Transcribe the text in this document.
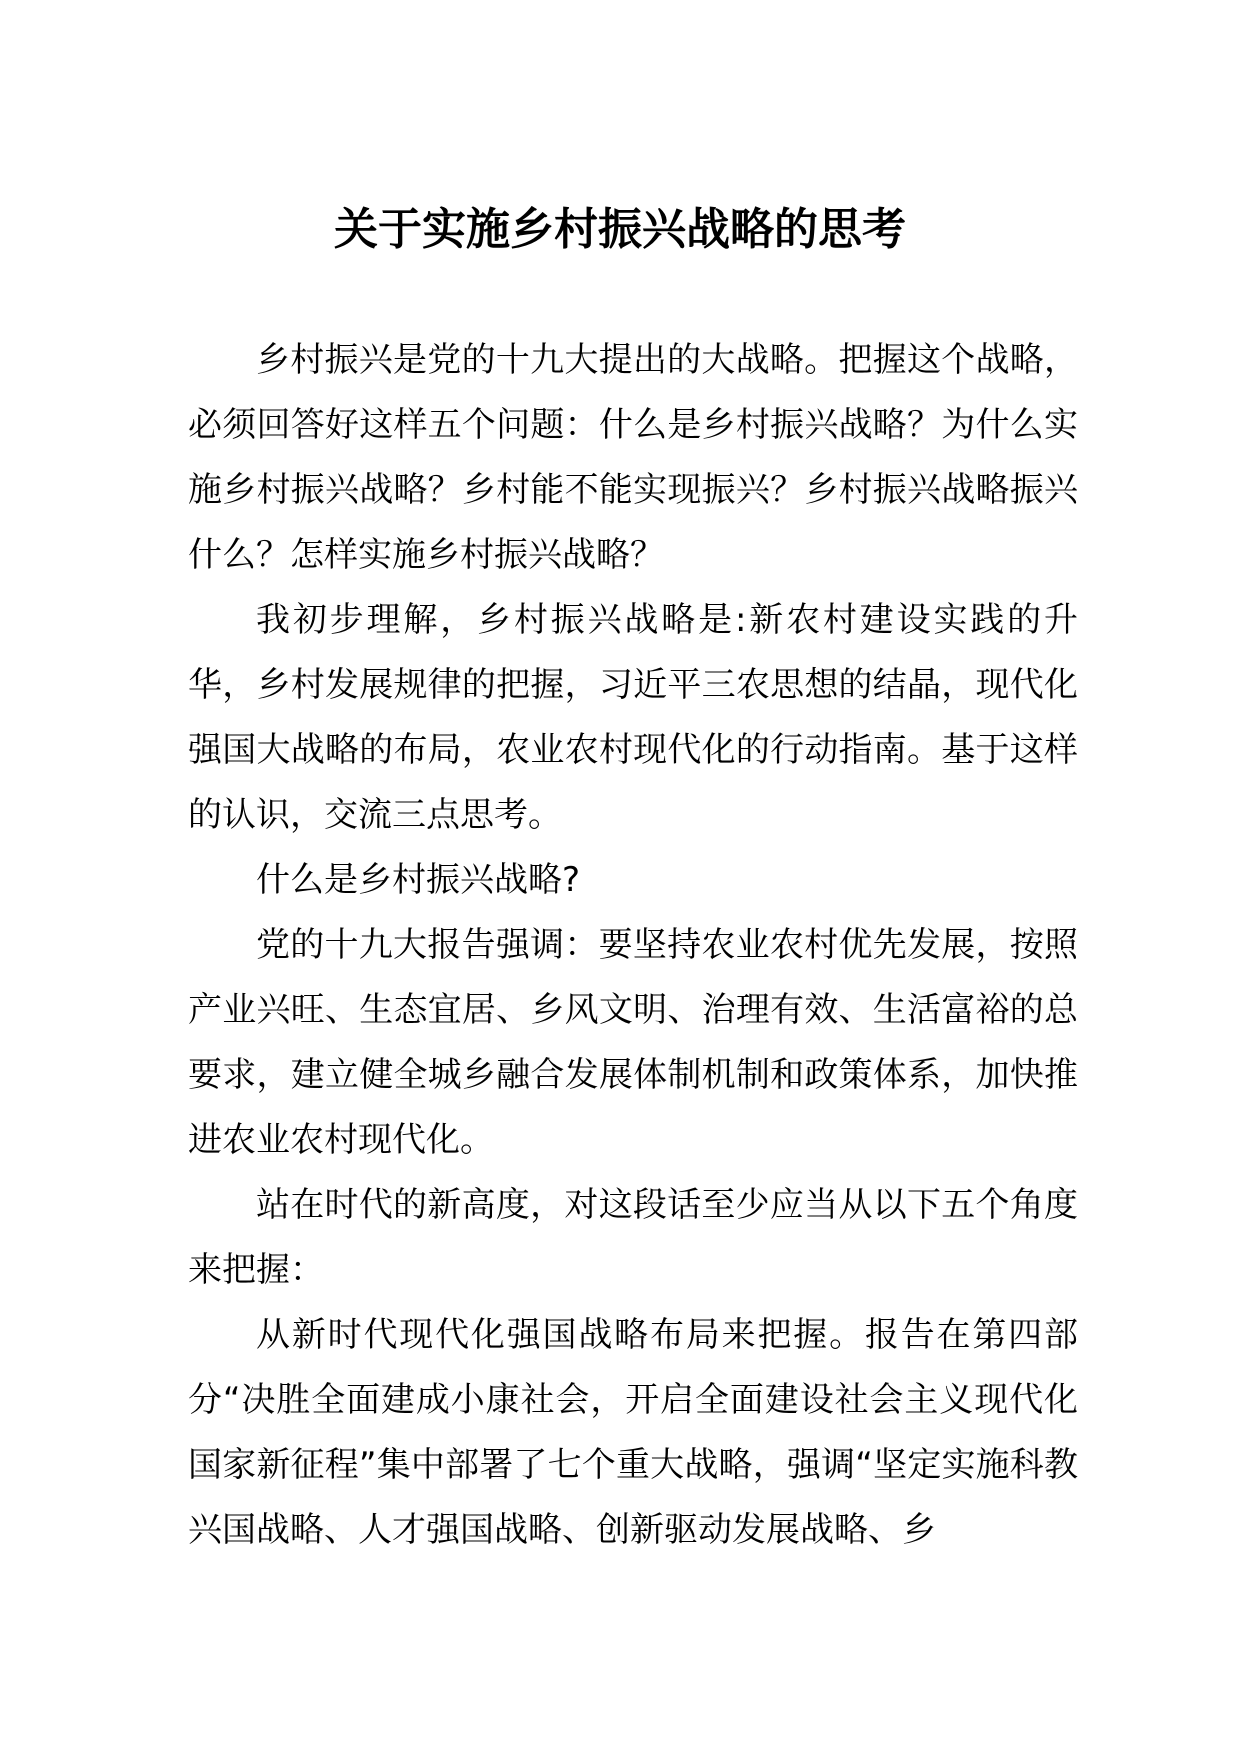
关于实施乡村振兴战略的思考

乡村振兴是党的十九大提出的大战略。把握这个战略，必须回答好这样五个问题：什么是乡村振兴战略？为什么实施乡村振兴战略？乡村能不能实现振兴？乡村振兴战略振兴什么？怎样实施乡村振兴战略？

我初步理解，乡村振兴战略是:新农村建设实践的升华，乡村发展规律的把握，习近平三农思想的结晶，现代化强国大战略的布局，农业农村现代化的行动指南。基于这样的认识，交流三点思考。

什么是乡村振兴战略?

党的十九大报告强调：要坚持农业农村优先发展，按照产业兴旺、生态宜居、乡风文明、治理有效、生活富裕的总要求，建立健全城乡融合发展体制机制和政策体系，加快推进农业农村现代化。

站在时代的新高度，对这段话至少应当从以下五个角度来把握：

从新时代现代化强国战略布局来把握。报告在第四部分“决胜全面建成小康社会，开启全面建设社会主义现代化国家新征程”集中部署了七个重大战略，强调“坚定实施科教兴国战略、人才强国战略、创新驱动发展战略、乡
